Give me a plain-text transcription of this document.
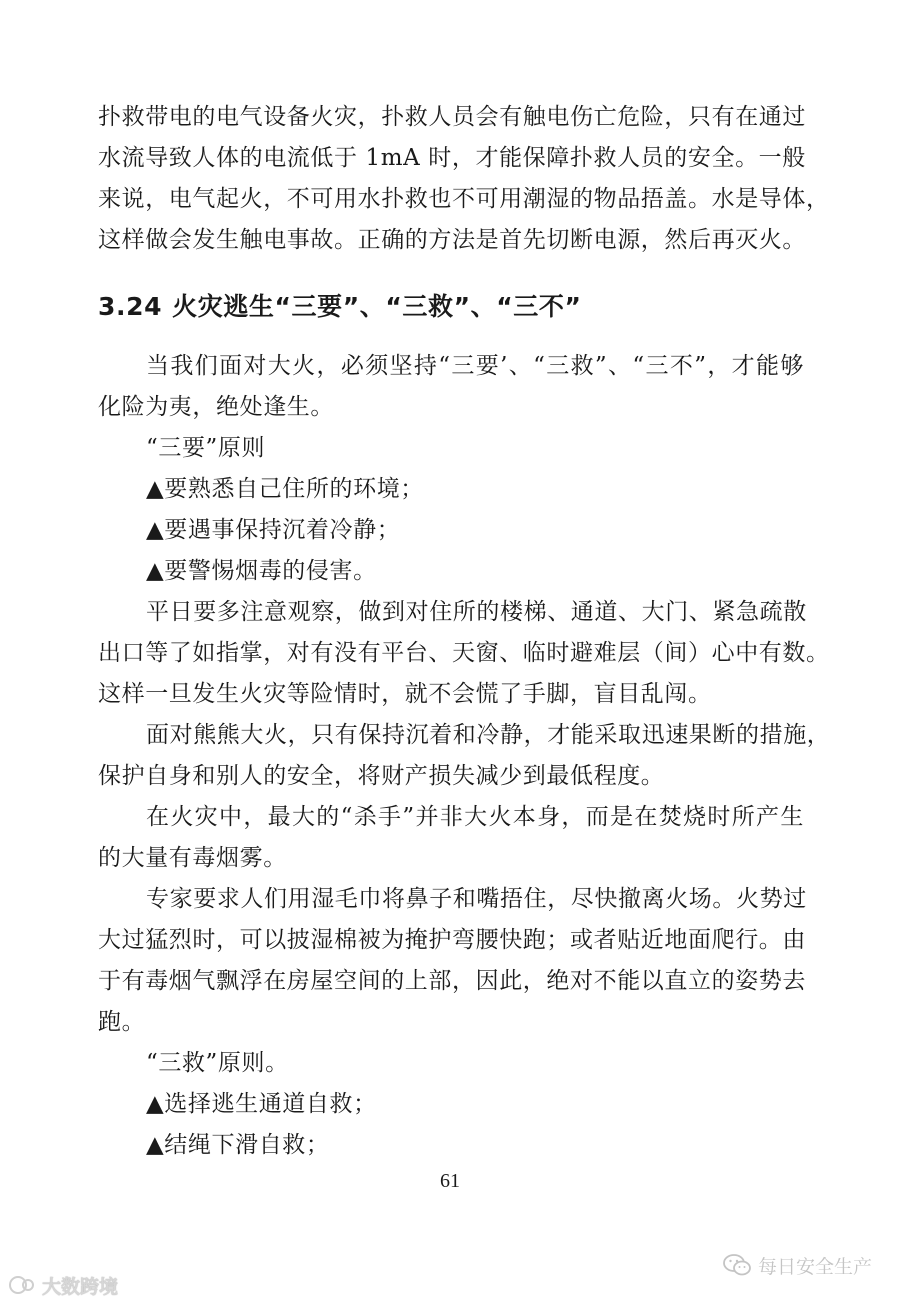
扑救带电的电气设备火灾，扑救人员会有触电伤亡危险，只有在通过
水流导致人体的电流低于 1mA 时，才能保障扑救人员的安全。一般
来说，电气起火，不可用水扑救也不可用潮湿的物品捂盖。水是导体，
这样做会发生触电事故。正确的方法是首先切断电源，然后再灭火。
3.24 火灾逃生“三要”、“三救”、“三不”
当我们面对大火，必须坚持“三要’、“三救”、“三不”，才能够
化险为夷，绝处逢生。
“三要”原则
▲要熟悉自己住所的环境；
▲要遇事保持沉着冷静；
▲要警惕烟毒的侵害。
平日要多注意观察，做到对住所的楼梯、通道、大门、紧急疏散
出口等了如指掌，对有没有平台、天窗、临时避难层（间）心中有数。
这样一旦发生火灾等险情时，就不会慌了手脚，盲目乱闯。
面对熊熊大火，只有保持沉着和冷静，才能采取迅速果断的措施，
保护自身和别人的安全，将财产损失减少到最低程度。
在火灾中，最大的“杀手”并非大火本身，而是在焚烧时所产生
的大量有毒烟雾。
专家要求人们用湿毛巾将鼻子和嘴捂住，尽快撤离火场。火势过
大过猛烈时，可以披湿棉被为掩护弯腰快跑；或者贴近地面爬行。由
于有毒烟气飘浮在房屋空间的上部，因此，绝对不能以直立的姿势去
跑。
“三救”原则。
▲选择逃生通道自救；
▲结绳下滑自救；
61
每日安全生产
大数跨境
